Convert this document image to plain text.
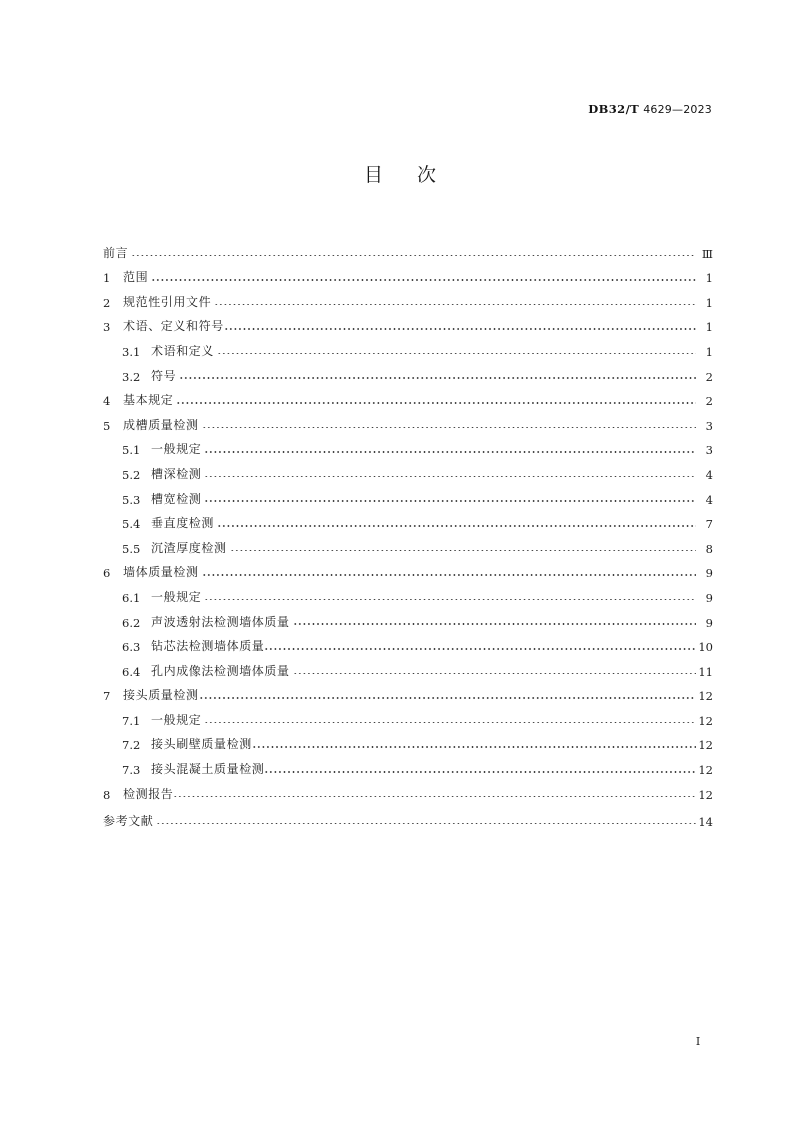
DB32/T 4629—2023
目 次
前言	Ⅲ
1	范围	1
2	规范性引用文件	1
3	术语、定义和符号	1
3.1 术语和定义	1
3.2 符号	2
4	基本规定	2
5	成槽质量检测	3
5.1 一般规定	3
5.2 槽深检测	4
5.3 槽宽检测	4
5.4 垂直度检测	7
5.5 沉渣厚度检测	8
6	墙体质量检测	9
6.1 一般规定	9
6.2 声波透射法检测墙体质量	9
6.3 钻芯法检测墙体质量	10
6.4 孔内成像法检测墙体质量	11
7	接头质量检测	12
7.1 一般规定	12
7.2 接头刷壁质量检测	12
7.3 接头混凝土质量检测	12
8	检测报告	12
参考文献	14
Ⅰ
